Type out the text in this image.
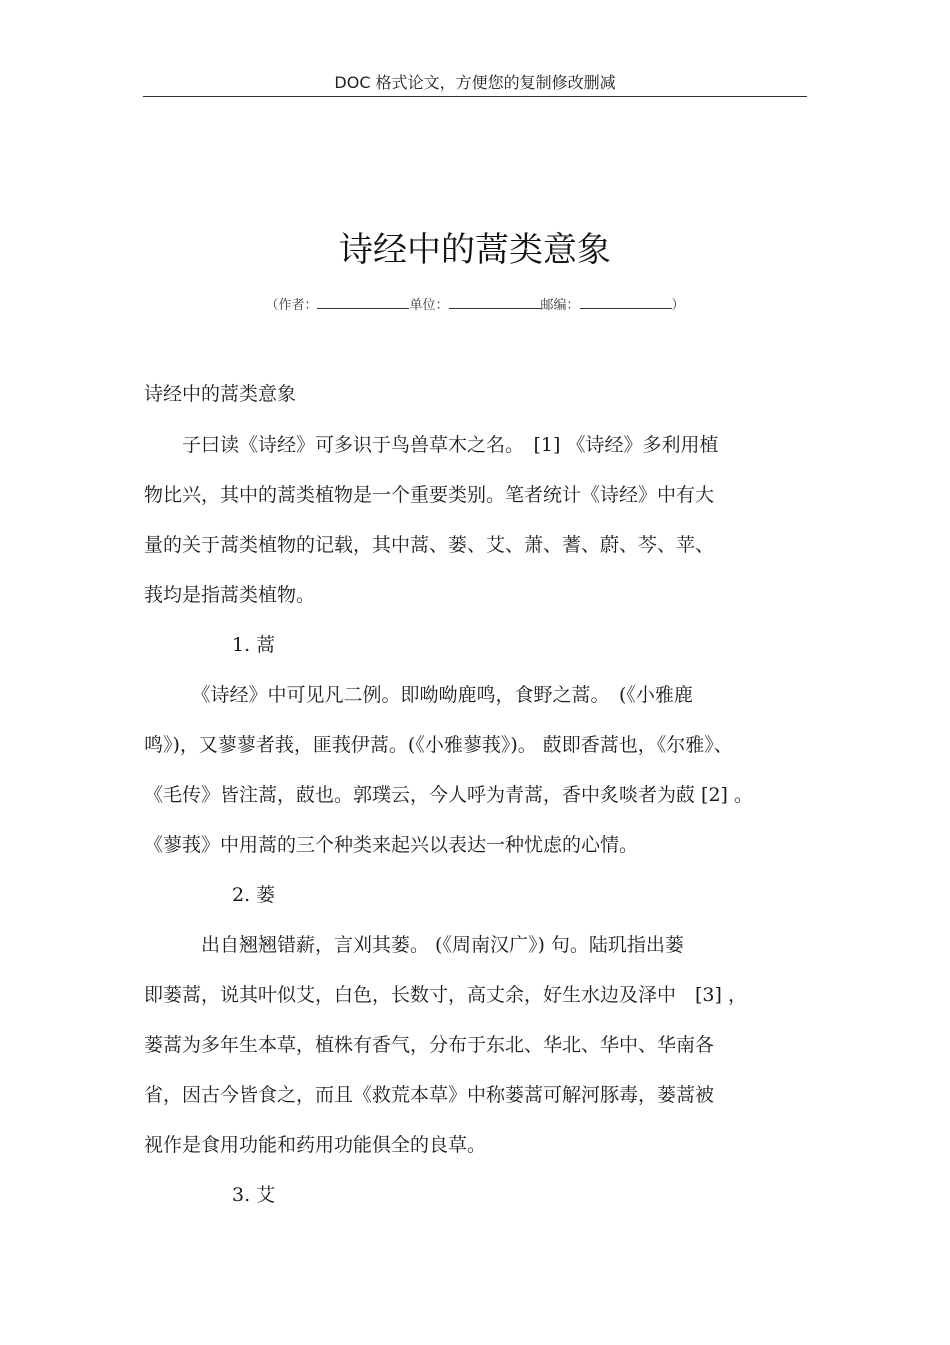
DOC 格式论文，方便您的复制修改删减
诗经中的蒿类意象
（作者：	单位：	邮编：	）
诗经中的蒿类意象
　　子曰读《诗经》可多识于鸟兽草木之名。　[1] 《诗经》多利用植
物比兴，其中的蒿类植物是一个重要类别。笔者统计《诗经》中有大
量的关于蒿类植物的记载，其中蒿、蒌、艾、萧、蓍、蔚、芩、苹、
莪均是指蒿类植物。
1. 蒿
　　　《诗经》中可见凡二例。即呦呦鹿鸣，食野之蒿。　(《小雅鹿
鸣》)，又蓼蓼者莪，匪莪伊蒿。(《小雅蓼莪》)。 菣即香蒿也，《尔雅》、
《毛传》皆注蒿，菣也。郭璞云，今人呼为青蒿，香中炙啖者为菣 [2] 。
《蓼莪》中用蒿的三个种类来起兴以表达一种忧虑的心情。
2. 蒌
　　　出自翘翘错薪，言刈其蒌。 (《周南汉广》) 句。陆玑指出蒌
即蒌蒿，说其叶似艾，白色，长数寸，高丈余，好生水边及泽中　[3] ，
蒌蒿为多年生本草，植株有香气，分布于东北、华北、华中、华南各
省，因古今皆食之，而且《救荒本草》中称蒌蒿可解河豚毒，蒌蒿被
视作是食用功能和药用功能俱全的良草。
3. 艾
